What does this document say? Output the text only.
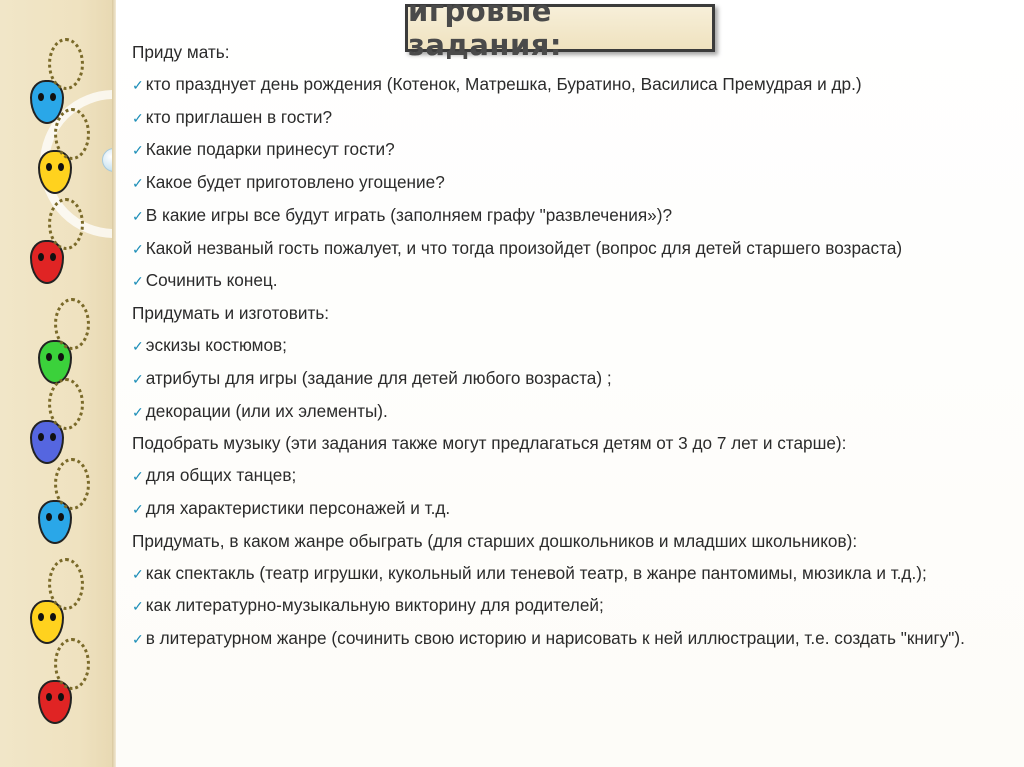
игровые задания:
Приду мать:
✓ кто празднует день рождения (Котенок, Матрешка, Буратино, Василиса Премудрая и др.)
✓ кто приглашен в гости?
✓ Какие подарки принесут гости?
✓ Какое будет приготовлено угощение?
✓ В какие игры все будут играть (заполняем графу "развлечения»)?
✓ Какой незваный гость пожалует, и что тогда произойдет (вопрос для детей старшего возраста)
✓ Сочинить конец.
Придумать и изготовить:
✓ эскизы костюмов;
✓ атрибуты для игры (задание для детей любого возраста) ;
✓ декорации (или их элементы).
Подобрать музыку (эти задания также могут предлагаться детям от 3 до 7 лет и старше):
✓ для общих танцев;
✓ для характеристики персонажей и т.д.
Придумать, в каком жанре обыграть (для старших дошкольников и младших школьников):
✓ как спектакль (театр игрушки, кукольный или теневой театр, в жанре пантомимы, мюзикла и т.д.);
✓ как литературно-музыкальную викторину для родителей;
✓ в литературном жанре (сочинить свою историю и нарисовать к ней иллюстрации, т.е. создать "книгу").
